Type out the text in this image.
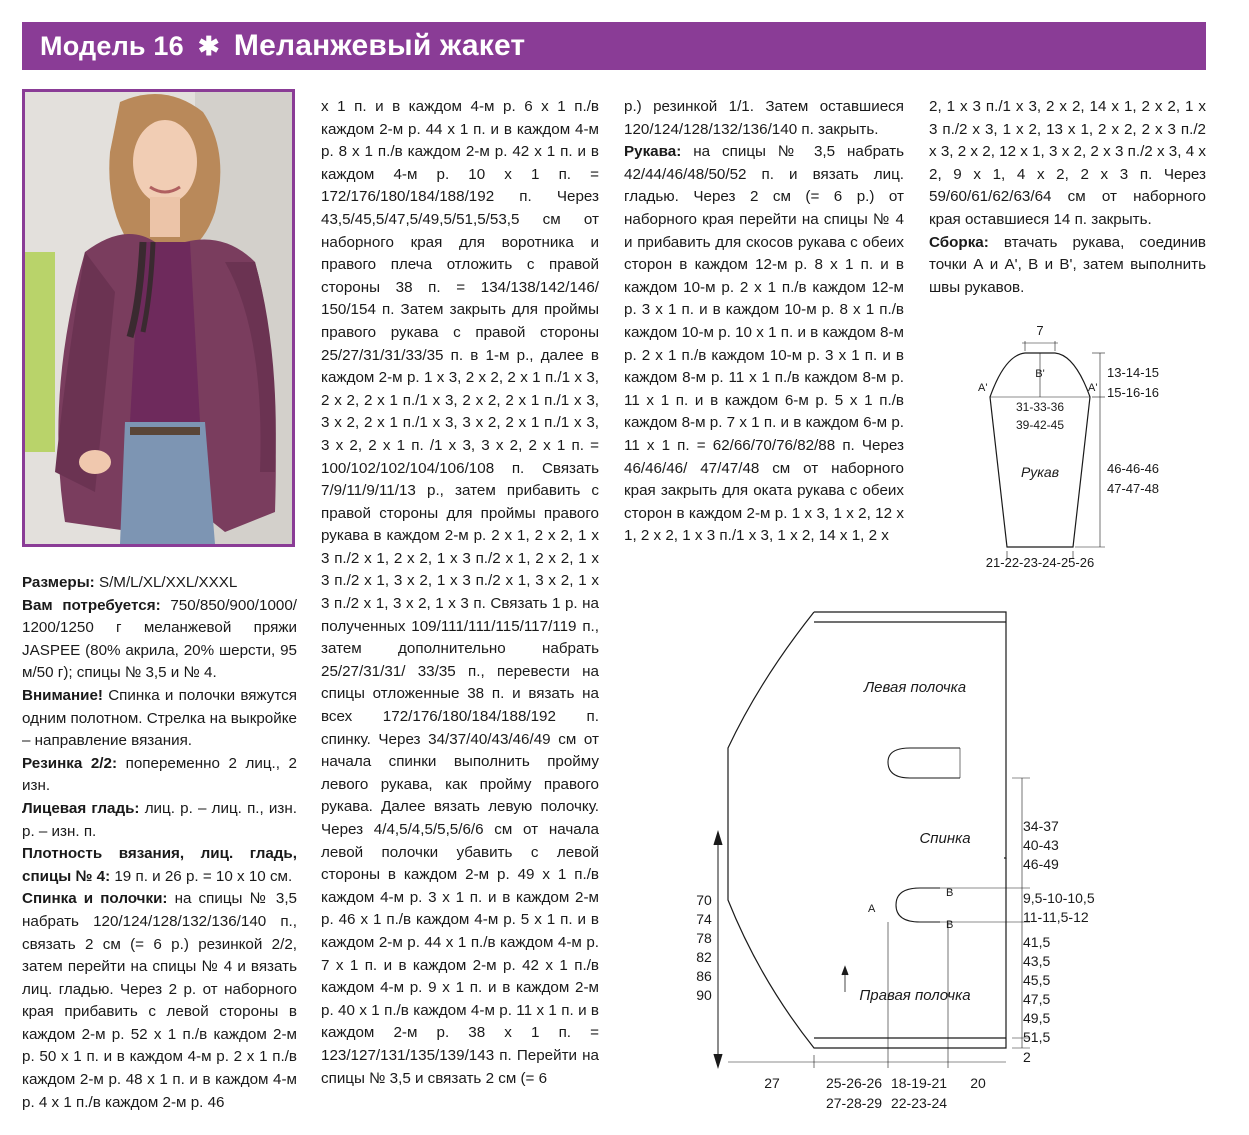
Модель 16 ✱ Меланжевый жакет

Размеры: S/M/L/XL/XXL/XXXL

Вам потребуется: 750/850/900/1000/ 1200/1250 г меланжевой пряжи JASPEE (80% акрила, 20% шерсти, 95 м/50 г); спицы № 3,5 и № 4.

Внимание! Спинка и полочки вяжутся одним полотном. Стрелка на выкройке – направление вязания.

Резинка 2/2: попеременно 2 лиц., 2 изн.

Лицевая гладь: лиц. р. – лиц. п., изн. р. – изн. п.

Плотность вязания, лиц. гладь, спицы № 4: 19 п. и 26 р. = 10 x 10 см.

Спинка и полочки: на спицы № 3,5 набрать 120/124/128/132/136/140 п., связать 2 см (= 6 р.) резинкой 2/2, затем перейти на спицы № 4 и вязать лиц. гладью. Через 2 р. от наборного края прибавить с левой стороны в каждом 2-м р. 52 x 1 п./в каждом 2-м р. 50 x 1 п. и в каждом 4-м р. 2 x 1 п./в каждом 2-м р. 48 x 1 п. и в каждом 4-м р. 4 x 1 п./в каждом 2-м р. 46

x 1 п. и в каждом 4-м р. 6 x 1 п./в каждом 2-м р. 44 x 1 п. и в каждом 4-м р. 8 x 1 п./в каждом 2-м р. 42 x 1 п. и в каждом 4-м р. 10 x 1 п. = 172/176/180/184/188/192 п. Через 43,5/45,5/47,5/49,5/51,5/53,5 см от наборного края для воротника и правого плеча отложить с правой стороны 38 п. = 134/138/142/146/ 150/154 п. Затем закрыть для проймы правого рукава с правой стороны 25/27/31/31/33/35 п. в 1-м р., далее в каждом 2-м р. 1 x 3, 2 x 2, 2 x 1 п./1 x 3, 2 x 2, 2 x 1 п./1 x 3, 2 x 2, 2 x 1 п./1 x 3, 3 x 2, 2 x 1 п./1 x 3, 3 x 2, 2 x 1 п./1 x 3, 3 x 2, 2 x 1 п. /1 x 3, 3 x 2, 2 x 1 п. = 100/102/102/104/106/108 п. Связать 7/9/11/9/11/13 р., затем прибавить с правой стороны для проймы правого рукава в каждом 2-м р. 2 x 1, 2 x 2, 1 x 3 п./2 x 1, 2 x 2, 1 x 3 п./2 x 1, 2 x 2, 1 x 3 п./2 x 1, 3 x 2, 1 x 3 п./2 x 1, 3 x 2, 1 x 3 п./2 x 1, 3 x 2, 1 x 3 п. Связать 1 р. на полученных 109/111/111/115/117/119 п., затем дополнительно набрать 25/27/31/31/ 33/35 п., перевести на спицы отложенные 38 п. и вязать на всех 172/176/180/184/188/192 п. спинку. Через 34/37/40/43/46/49 см от начала спинки выполнить пройму левого рукава, как пройму правого рукава. Далее вязать левую полочку. Через 4/4,5/4,5/5,5/6/6 см от начала левой полочки убавить с левой стороны в каждом 2-м р. 49 x 1 п./в каждом 4-м р. 3 x 1 п. и в каждом 2-м р. 46 x 1 п./в каждом 4-м р. 5 x 1 п. и в каждом 2-м р. 44 x 1 п./в каждом 4-м р. 7 x 1 п. и в каждом 2-м р. 42 x 1 п./в каждом 4-м р. 9 x 1 п. и в каждом 2-м р. 40 x 1 п./в каждом 4-м р. 11 x 1 п. и в каждом 2-м р. 38 x 1 п. = 123/127/131/135/139/143 п. Перейти на спицы № 3,5 и связать 2 см (= 6

р.) резинкой 1/1. Затем оставшиеся 120/124/128/132/136/140 п. закрыть.

Рукава: на спицы № 3,5 набрать 42/44/46/48/50/52 п. и вязать лиц. гладью. Через 2 см (= 6 р.) от наборного края перейти на спицы № 4 и прибавить для скосов рукава с обеих сторон в каждом 12-м р. 8 x 1 п. и в каждом 10-м р. 2 x 1 п./в каждом 12-м р. 3 x 1 п. и в каждом 10-м р. 8 x 1 п./в каждом 10-м р. 10 x 1 п. и в каждом 8-м р. 2 x 1 п./в каждом 10-м р. 3 x 1 п. и в каждом 8-м р. 11 x 1 п./в каждом 8-м р. 11 x 1 п. и в каждом 6-м р. 5 x 1 п./в каждом 8-м р. 7 x 1 п. и в каждом 6-м р. 11 x 1 п. = 62/66/70/76/82/88 п. Через 46/46/46/ 47/47/48 см от наборного края закрыть для оката рукава с обеих сторон в каждом 2-м р. 1 x 3, 1 x 2, 12 x 1, 2 x 2, 1 x 3 п./1 x 3, 1 x 2, 14 x 1, 2 x

2, 1 x 3 п./1 x 3, 2 x 2, 14 x 1, 2 x 2, 1 x 3 п./2 x 3, 1 x 2, 13 x 1, 2 x 2, 2 x 3 п./2 x 3, 2 x 2, 12 x 1, 3 x 2, 2 x 3 п./2 x 3, 4 x 2, 9 x 1, 4 x 2, 2 x 3 п. Через 59/60/61/62/63/64 см от наборного края оставшиеся 14 п. закрыть.

Сборка: втачать рукава, соединив точки А и А', В и В', затем выполнить швы рукавов.

7
B'
A'	A'
13-14-15
15-16-16
31-33-36
39-42-45
Рукав	46-46-46
47-47-48
21-22-23-24-25-26
Левая полочка
Спинка
Правая полочка
A
B
B
70
74
78
82
86
90
34-37
40-43
46-49
9,5-10-10,5
11-11,5-12
41,5
43,5
45,5
47,5
49,5
51,5
2
27	25-26-26
27-28-29
18-19-21
22-23-24
20
